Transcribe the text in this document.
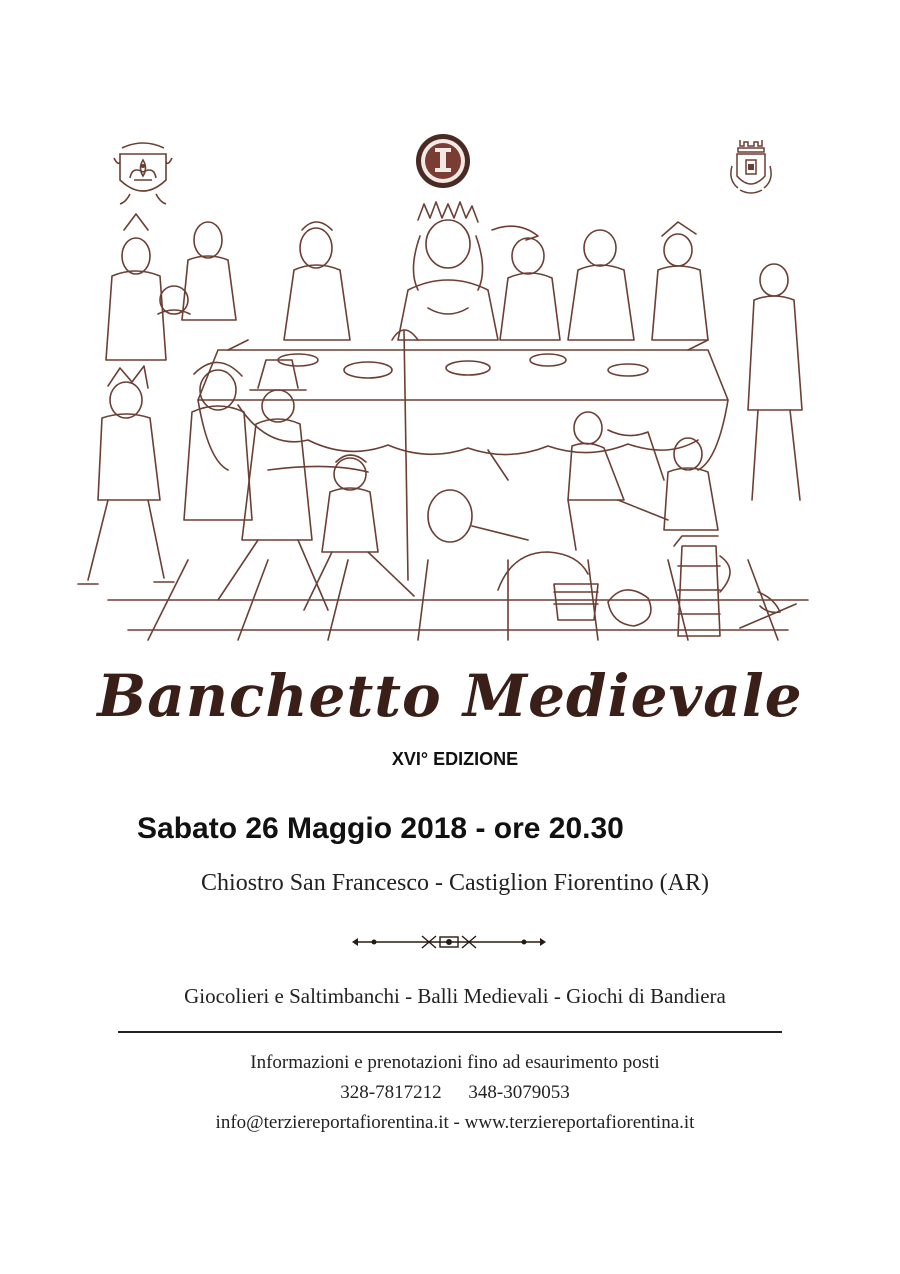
Banchetto Medievale
XVI° EDIZIONE
Sabato 26 Maggio 2018 - ore 20.30
Chiostro San Francesco - Castiglion Fiorentino (AR)
Giocolieri e Saltimbanchi - Balli Medievali - Giochi di Bandiera
Informazioni e prenotazioni fino ad esaurimento posti
328-7817212 348-3079053
info@terziereportafiorentina.it - www.terziereportafiorentina.it
